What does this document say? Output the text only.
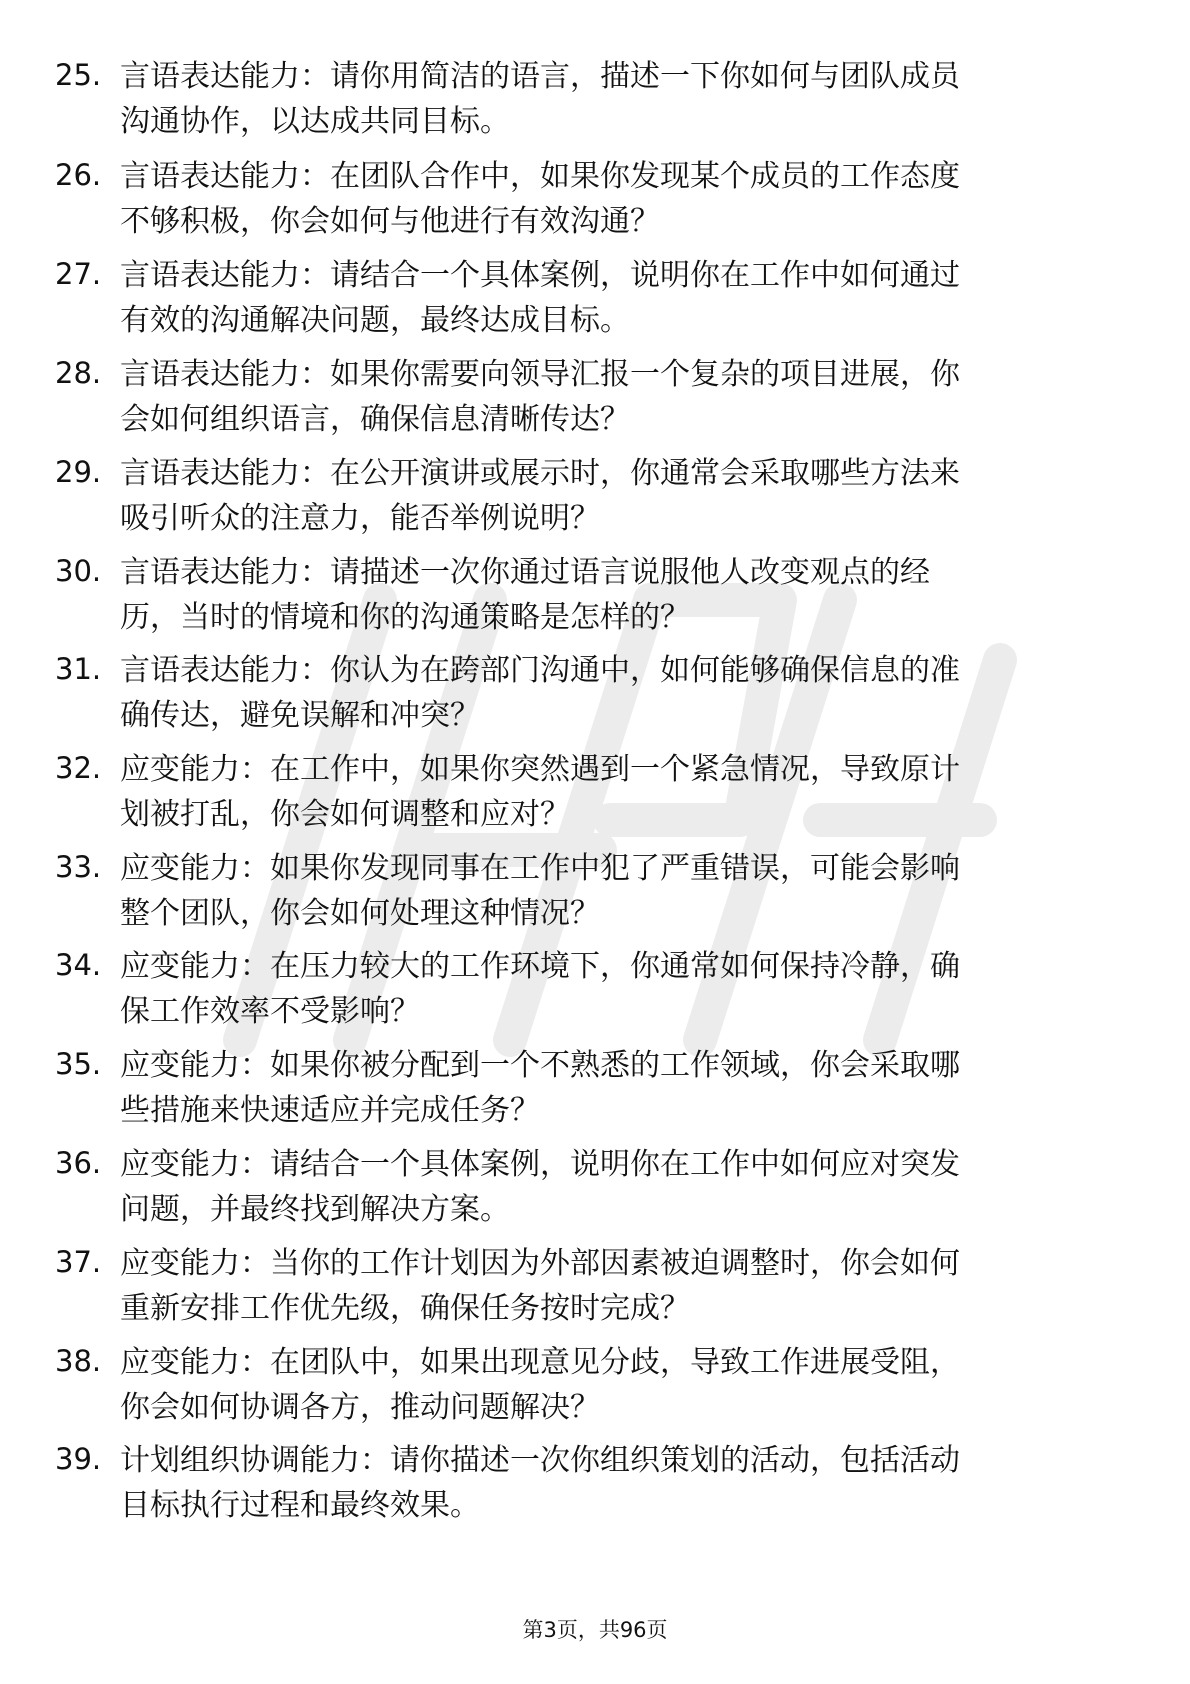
25. 言语表达能力：请你用简洁的语言，描述一下你如何与团队成员
沟通协作，以达成共同目标。
26. 言语表达能力：在团队合作中，如果你发现某个成员的工作态度
不够积极，你会如何与他进行有效沟通？
27. 言语表达能力：请结合一个具体案例，说明你在工作中如何通过
有效的沟通解决问题，最终达成目标。
28. 言语表达能力：如果你需要向领导汇报一个复杂的项目进展，你
会如何组织语言，确保信息清晰传达？
29. 言语表达能力：在公开演讲或展示时，你通常会采取哪些方法来
吸引听众的注意力，能否举例说明？
30. 言语表达能力：请描述一次你通过语言说服他人改变观点的经
历，当时的情境和你的沟通策略是怎样的？
31. 言语表达能力：你认为在跨部门沟通中，如何能够确保信息的准
确传达，避免误解和冲突？
32. 应变能力：在工作中，如果你突然遇到一个紧急情况，导致原计
划被打乱，你会如何调整和应对？
33. 应变能力：如果你发现同事在工作中犯了严重错误，可能会影响
整个团队，你会如何处理这种情况？
34. 应变能力：在压力较大的工作环境下，你通常如何保持冷静，确
保工作效率不受影响？
35. 应变能力：如果你被分配到一个不熟悉的工作领域，你会采取哪
些措施来快速适应并完成任务？
36. 应变能力：请结合一个具体案例，说明你在工作中如何应对突发
问题，并最终找到解决方案。
37. 应变能力：当你的工作计划因为外部因素被迫调整时，你会如何
重新安排工作优先级，确保任务按时完成？
38. 应变能力：在团队中，如果出现意见分歧，导致工作进展受阻，
你会如何协调各方，推动问题解决？
39. 计划组织协调能力：请你描述一次你组织策划的活动，包括活动
目标执行过程和最终效果。
第3页，共96页
